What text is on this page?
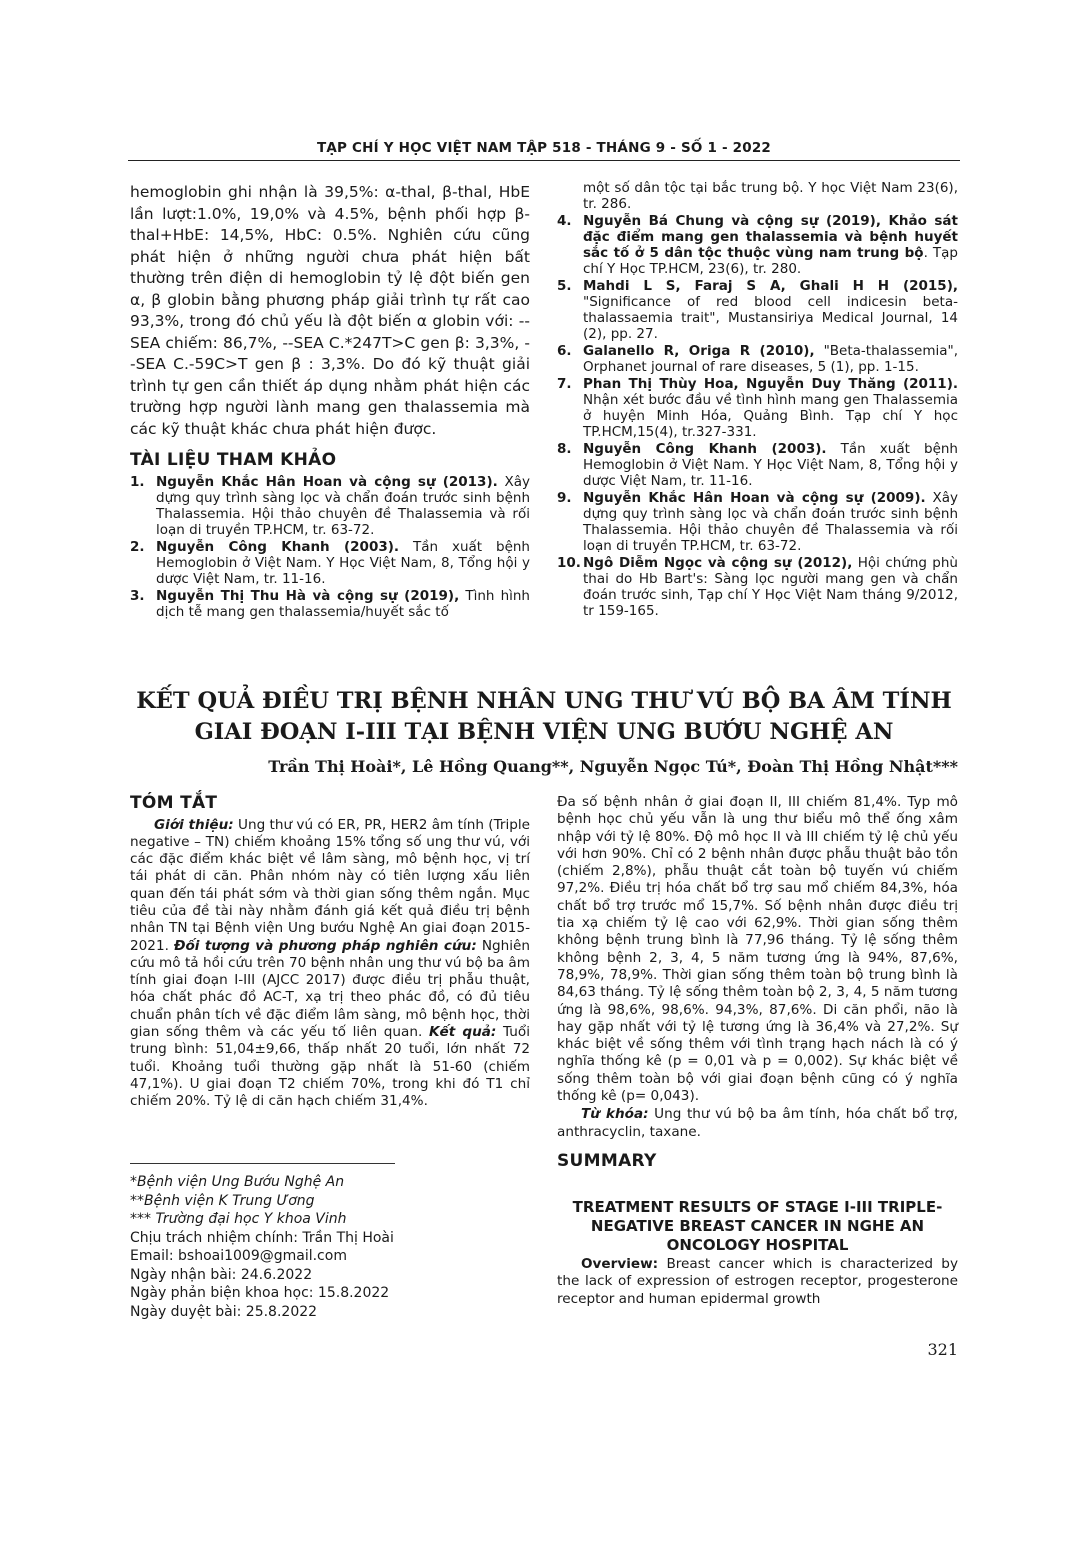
TẠP CHÍ Y HỌC VIỆT NAM TẬP 518 - THÁNG 9 - SỐ 1 - 2022
hemoglobin ghi nhận là 39,5%: α-thal, β-thal, HbE lần lượt:1.0%, 19,0% và 4.5%, bệnh phối hợp β-thal+HbE: 14,5%, HbC: 0.5%. Nghiên cứu cũng phát hiện ở những người chưa phát hiện bất thường trên điện di hemoglobin tỷ lệ đột biến gen α, β globin bằng phương pháp giải trình tự rất cao 93,3%, trong đó chủ yếu là đột biến α globin với: --SEA chiếm: 86,7%, --SEA C.*247T>C gen β: 3,3%, --SEA C.-59C>T gen β : 3,3%. Do đó kỹ thuật giải trình tự gen cần thiết áp dụng nhằm phát hiện các trường hợp người lành mang gen thalassemia mà các kỹ thuật khác chưa phát hiện được.
TÀI LIỆU THAM KHẢO
1. Nguyễn Khắc Hân Hoan và cộng sự (2013). Xây dựng quy trình sàng lọc và chẩn đoán trước sinh bệnh Thalassemia. Hội thảo chuyên đề Thalassemia và rối loạn di truyền TP.HCM, tr. 63-72.
2. Nguyễn Công Khanh (2003). Tần xuất bệnh Hemoglobin ở Việt Nam. Y Học Việt Nam, 8, Tổng hội y dược Việt Nam, tr. 11-16.
3. Nguyễn Thị Thu Hà và cộng sự (2019), Tình hình dịch tễ mang gen thalassemia/huyết sắc tố
một số dân tộc tại bắc trung bộ. Y học Việt Nam 23(6), tr. 286.
4. Nguyễn Bá Chung và cộng sự (2019), Khảo sát đặc điểm mang gen thalassemia và bệnh huyết sắc tố ở 5 dân tộc thuộc vùng nam trung bộ. Tạp chí Y Học TP.HCM, 23(6), tr. 280.
5. Mahdi L S, Faraj S A, Ghali H H (2015), "Significance of red blood cell indicesin beta-thalassaemia trait", Mustansiriya Medical Journal, 14 (2), pp. 27.
6. Galanello R, Origa R (2010), "Beta-thalassemia", Orphanet journal of rare diseases, 5 (1), pp. 1-15.
7. Phan Thị Thùy Hoa, Nguyễn Duy Thăng (2011). Nhận xét bước đầu về tình hình mang gen Thalassemia ở huyện Minh Hóa, Quảng Bình. Tạp chí Y học TP.HCM,15(4), tr.327-331.
8. Nguyễn Công Khanh (2003). Tần xuất bệnh Hemoglobin ở Việt Nam. Y Học Việt Nam, 8, Tổng hội y dược Việt Nam, tr. 11-16.
9. Nguyễn Khắc Hân Hoan và cộng sự (2009). Xây dựng quy trình sàng lọc và chẩn đoán trước sinh bệnh Thalassemia. Hội thảo chuyên đề Thalassemia và rối loạn di truyền TP.HCM, tr. 63-72.
10. Ngô Diễm Ngọc và cộng sự (2012), Hội chứng phù thai do Hb Bart's: Sàng lọc người mang gen và chẩn đoán trước sinh, Tạp chí Y Học Việt Nam tháng 9/2012, tr 159-165.
KẾT QUẢ ĐIỀU TRỊ BỆNH NHÂN UNG THƯ VÚ BỘ BA ÂM TÍNH
GIAI ĐOẠN I-III TẠI BỆNH VIỆN UNG BƯỚU NGHỆ AN
Trần Thị Hoài*, Lê Hồng Quang**, Nguyễn Ngọc Tú*, Đoàn Thị Hồng Nhật***
TÓM TẮT
Giới thiệu: Ung thư vú có ER, PR, HER2 âm tính (Triple negative – TN) chiếm khoảng 15% tổng số ung thư vú, với các đặc điểm khác biệt về lâm sàng, mô bệnh học, vị trí tái phát di căn. Phân nhóm này có tiên lượng xấu liên quan đến tái phát sớm và thời gian sống thêm ngắn. Mục tiêu của đề tài này nhằm đánh giá kết quả điều trị bệnh nhân TN tại Bệnh viện Ung bướu Nghệ An giai đoạn 2015-2021. Đối tượng và phương pháp nghiên cứu: Nghiên cứu mô tả hồi cứu trên 70 bệnh nhân ung thư vú bộ ba âm tính giai đoạn I-III (AJCC 2017) được điều trị phẫu thuật, hóa chất phác đồ AC-T, xạ trị theo phác đồ, có đủ tiêu chuẩn phân tích về đặc điểm lâm sàng, mô bệnh học, thời gian sống thêm và các yếu tố liên quan. Kết quả: Tuổi trung bình: 51,04±9,66, thấp nhất 20 tuổi, lớn nhất 72 tuổi. Khoảng tuổi thường gặp nhất là 51-60 (chiếm 47,1%). U giai đoạn T2 chiếm 70%, trong khi đó T1 chỉ chiếm 20%. Tỷ lệ di căn hạch chiếm 31,4%.
*Bệnh viện Ung Bướu Nghệ An
**Bệnh viện K Trung Ương
*** Trường đại học Y khoa Vinh
Chịu trách nhiệm chính: Trần Thị Hoài
Email: bshoai1009@gmail.com
Ngày nhận bài: 24.6.2022
Ngày phản biện khoa học: 15.8.2022
Ngày duyệt bài: 25.8.2022
Đa số bệnh nhân ở giai đoạn II, III chiếm 81,4%. Typ mô bệnh học chủ yếu vẫn là ung thư biểu mô thể ống xâm nhập với tỷ lệ 80%. Độ mô học II và III chiếm tỷ lệ chủ yếu với hơn 90%. Chỉ có 2 bệnh nhân được phẫu thuật bảo tồn (chiếm 2,8%), phẫu thuật cắt toàn bộ tuyến vú chiếm 97,2%. Điều trị hóa chất bổ trợ sau mổ chiếm 84,3%, hóa chất bổ trợ trước mổ 15,7%. Số bệnh nhân được điều trị tia xạ chiếm tỷ lệ cao với 62,9%. Thời gian sống thêm không bệnh trung bình là 77,96 tháng. Tỷ lệ sống thêm không bệnh 2, 3, 4, 5 năm tương ứng là 94%, 87,6%, 78,9%, 78,9%. Thời gian sống thêm toàn bộ trung bình là 84,63 tháng. Tỷ lệ sống thêm toàn bộ 2, 3, 4, 5 năm tương ứng là 98,6%, 98,6%. 94,3%, 87,6%. Di căn phổi, não là hay gặp nhất với tỷ lệ tương ứng là 36,4% và 27,2%. Sự khác biệt về sống thêm với tình trạng hạch nách là có ý nghĩa thống kê (p = 0,01 và p = 0,002). Sự khác biệt về sống thêm toàn bộ với giai đoạn bệnh cũng có ý nghĩa thống kê (p= 0,043).
Từ khóa: Ung thư vú bộ ba âm tính, hóa chất bổ trợ, anthracyclin, taxane.
SUMMARY
TREATMENT RESULTS OF STAGE I-III TRIPLE-NEGATIVE BREAST CANCER IN NGHE AN ONCOLOGY HOSPITAL
Overview: Breast cancer which is characterized by the lack of expression of estrogen receptor, progesterone receptor and human epidermal growth
321
